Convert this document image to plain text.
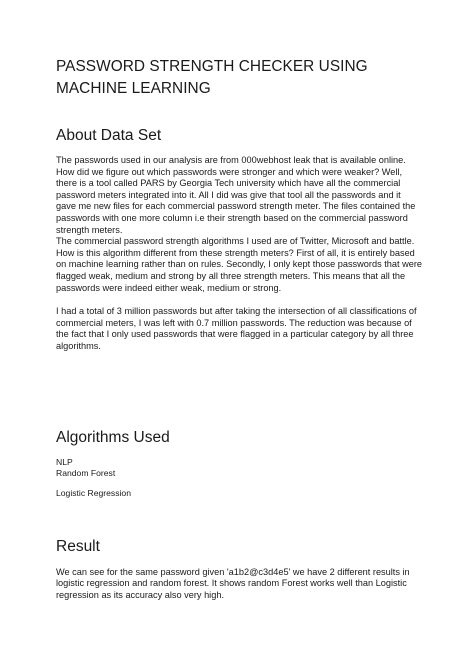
PASSWORD STRENGTH CHECKER USING MACHINE LEARNING
About Data Set

The passwords used in our analysis are from 000webhost leak that is available online. How did we figure out which passwords were stronger and which were weaker? Well, there is a tool called PARS by Georgia Tech university which have all the commercial password meters integrated into it. All I did was give that tool all the passwords and it gave me new files for each commercial password strength meter. The files contained the passwords with one more column i.e their strength based on the commercial password strength meters.

The commercial password strength algorithms I used are of Twitter, Microsoft and battle. How is this algorithm different from these strength meters? First of all, it is entirely based on machine learning rather than on rules. Secondly, I only kept those passwords that were flagged weak, medium and strong by all three strength meters. This means that all the passwords were indeed either weak, medium or strong.

I had a total of 3 million passwords but after taking the intersection of all classifications of commercial meters, I was left with 0.7 million passwords. The reduction was because of the fact that I only used passwords that were flagged in a particular category by all three algorithms.

Algorithms Used

NLP

Random Forest

Logistic Regression

Result

We can see for the same password given 'a1b2@c3d4e5' we have 2 different results in logistic regression and random forest. It shows random Forest works well than Logistic regression as its accuracy also very high.
